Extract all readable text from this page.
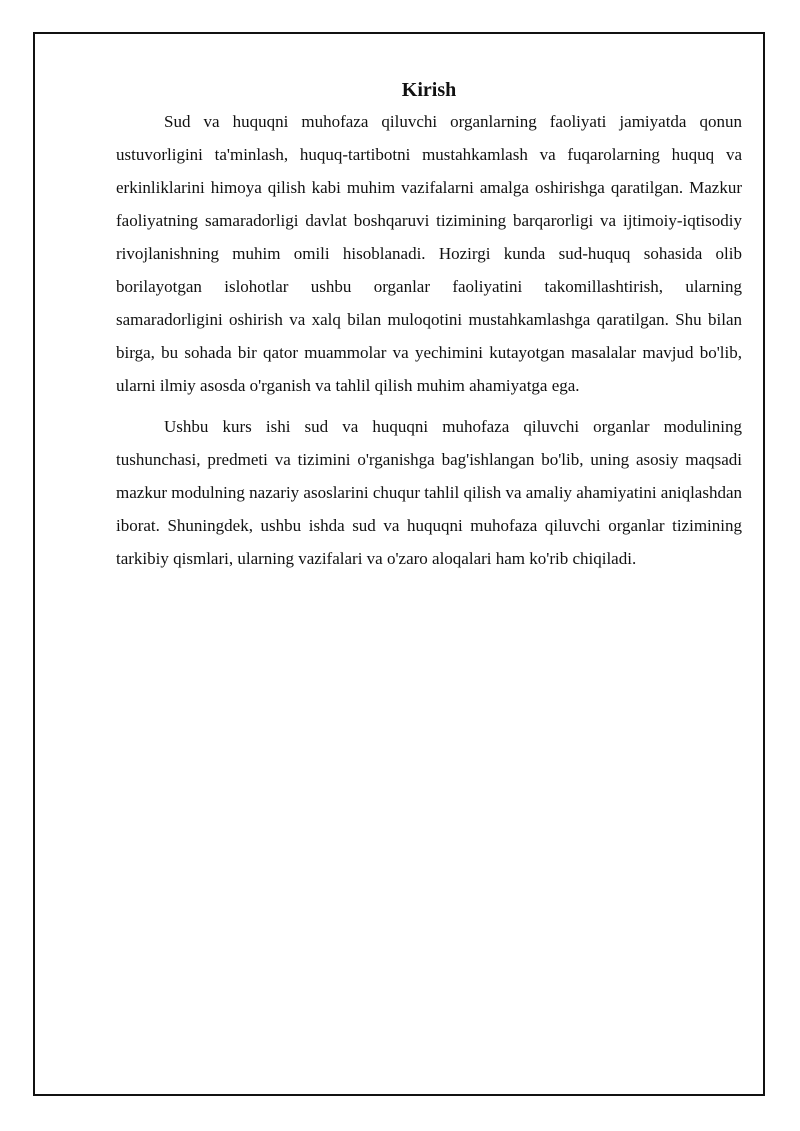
Kirish

Sud va huquqni muhofaza qiluvchi organlarning faoliyati jamiyatda qonun ustuvorligini ta'minlash, huquq-tartibotni mustahkamlash va fuqarolarning huquq va erkinliklarini himoya qilish kabi muhim vazifalarni amalga oshirishga qaratilgan. Mazkur faoliyatning samaradorligi davlat boshqaruvi tizimining barqarorligi va ijtimoiy-iqtisodiy rivojlanishning muhim omili hisoblanadi. Hozirgi kunda sud-huquq sohasida olib borilayotgan islohotlar ushbu organlar faoliyatini takomillashtirish, ularning samaradorligini oshirish va xalq bilan muloqotini mustahkamlashga qaratilgan. Shu bilan birga, bu sohada bir qator muammolar va yechimini kutayotgan masalalar mavjud bo'lib, ularni ilmiy asosda o'rganish va tahlil qilish muhim ahamiyatga ega.

Ushbu kurs ishi sud va huquqni muhofaza qiluvchi organlar modulining tushunchasi, predmeti va tizimini o'rganishga bag'ishlangan bo'lib, uning asosiy maqsadi mazkur modulning nazariy asoslarini chuqur tahlil qilish va amaliy ahamiyatini aniqlashdan iborat. Shuningdek, ushbu ishda sud va huquqni muhofaza qiluvchi organlar tizimining tarkibiy qismlari, ularning vazifalari va o'zaro aloqalari ham ko'rib chiqiladi.
